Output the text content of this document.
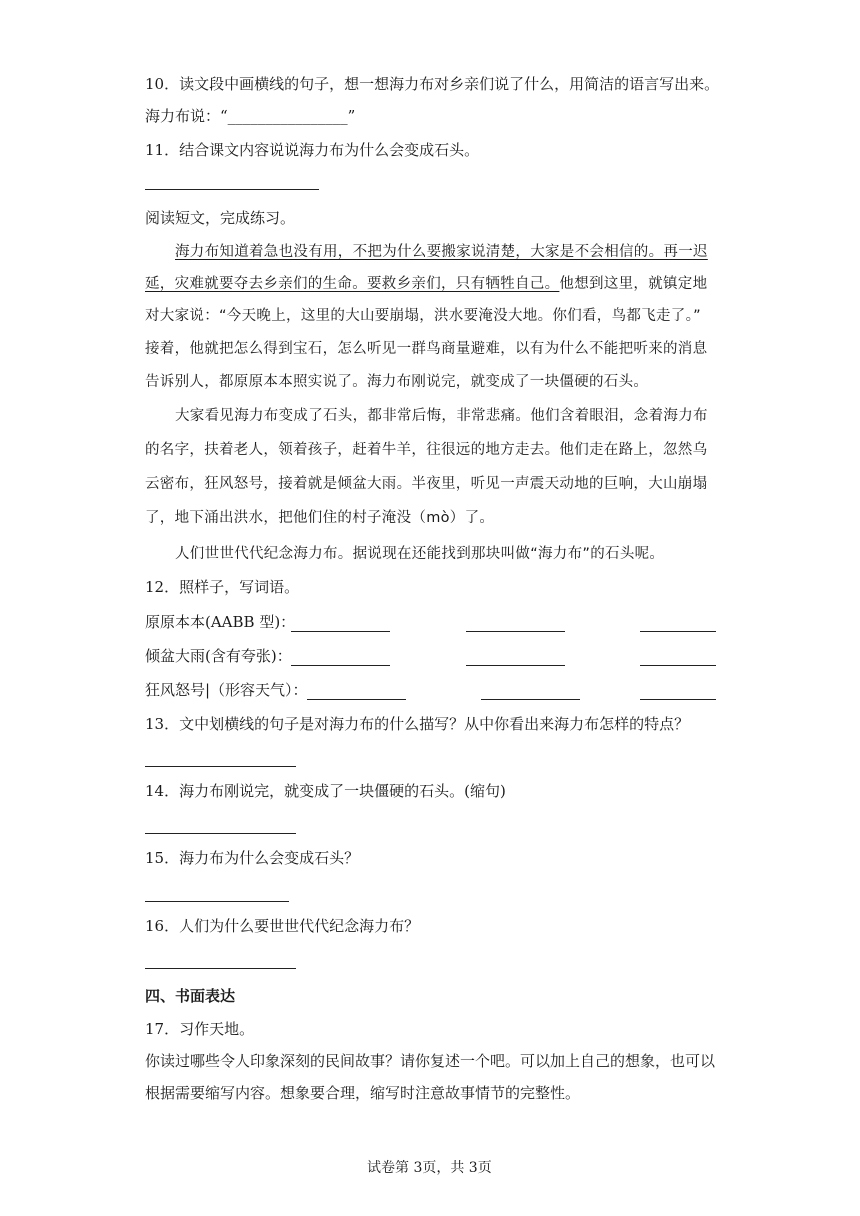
10．读文段中画横线的句子，想一想海力布对乡亲们说了什么，用简洁的语言写出来。
海力布说：“________________”
11．结合课文内容说说海力布为什么会变成石头。
阅读短文，完成练习。
海力布知道着急也没有用，不把为什么要搬家说清楚，大家是不会相信的。再一迟
延，灾难就要夺去乡亲们的生命。要救乡亲们，只有牺牲自己。他想到这里，就镇定地
对大家说：“今天晚上，这里的大山要崩塌，洪水要淹没大地。你们看，鸟都飞走了。”
接着，他就把怎么得到宝石，怎么听见一群鸟商量避难，以有为什么不能把听来的消息
告诉别人，都原原本本照实说了。海力布刚说完，就变成了一块僵硬的石头。
大家看见海力布变成了石头，都非常后悔，非常悲痛。他们含着眼泪，念着海力布
的名字，扶着老人，领着孩子，赶着牛羊，往很远的地方走去。他们走在路上，忽然乌
云密布，狂风怒号，接着就是倾盆大雨。半夜里，听见一声震天动地的巨响，大山崩塌
了，地下涌出洪水，把他们住的村子淹没（mò）了。
人们世世代代纪念海力布。据说现在还能找到那块叫做“海力布”的石头呢。
12．照样子，写词语。
原原本本(AABB 型)：
倾盆大雨(含有夸张)：
狂风怒号|（形容天气）：
13．文中划横线的句子是对海力布的什么描写？从中你看出来海力布怎样的特点？
14．海力布刚说完，就变成了一块僵硬的石头。(缩句)
15．海力布为什么会变成石头？
16．人们为什么要世世代代纪念海力布？
四、书面表达
17．习作天地。
你读过哪些令人印象深刻的民间故事？请你复述一个吧。可以加上自己的想象，也可以
根据需要缩写内容。想象要合理，缩写时注意故事情节的完整性。
试卷第 3页，共 3页
